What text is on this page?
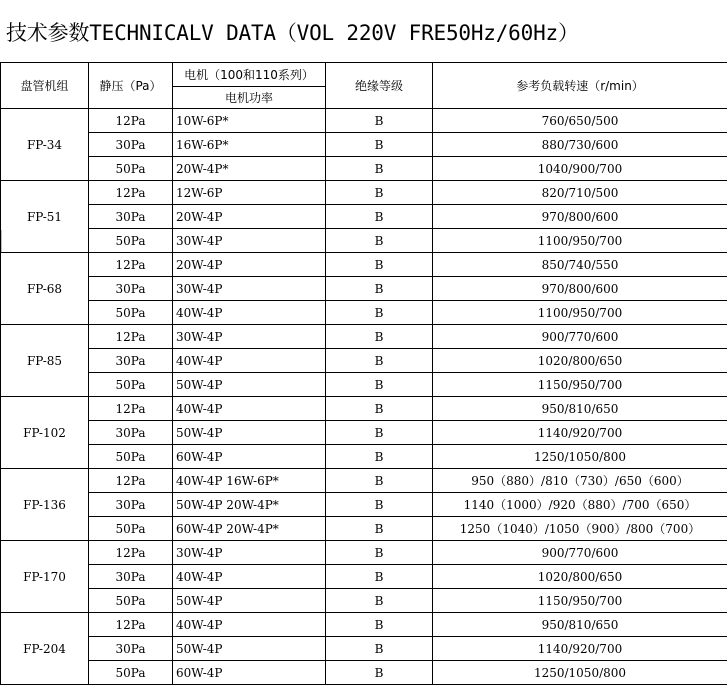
技术参数TECHNICALV DATA（VOL 220V FRE50Hz/60Hz）
盘管机组	静压（Pa）	电机（100和110系列）	绝缘等级	参考负载转速（r/min）
		电机功率		
FP-34	12Pa	10W-6P*	B	760/650/500
	30Pa	16W-6P*	B	880/730/600
	50Pa	20W-4P*	B	1040/900/700
FP-51	12Pa	12W-6P	B	820/710/500
	30Pa	20W-4P	B	970/800/600
	50Pa	30W-4P	B	1100/950/700
FP-68	12Pa	20W-4P	B	850/740/550
	30Pa	30W-4P	B	970/800/600
	50Pa	40W-4P	B	1100/950/700
FP-85	12Pa	30W-4P	B	900/770/600
	30Pa	40W-4P	B	1020/800/650
	50Pa	50W-4P	B	1150/950/700
FP-102	12Pa	40W-4P	B	950/810/650
	30Pa	50W-4P	B	1140/920/700
	50Pa	60W-4P	B	1250/1050/800
FP-136	12Pa	40W-4P 16W-6P*	B	950（880）/810（730）/650（600）
	30Pa	50W-4P 20W-4P*	B	1140（1000）/920（880）/700（650）
	50Pa	60W-4P 20W-4P*	B	1250（1040）/1050（900）/800（700）
FP-170	12Pa	30W-4P	B	900/770/600
	30Pa	40W-4P	B	1020/800/650
	50Pa	50W-4P	B	1150/950/700
FP-204	12Pa	40W-4P	B	950/810/650
	30Pa	50W-4P	B	1140/920/700
	50Pa	60W-4P	B	1250/1050/800
